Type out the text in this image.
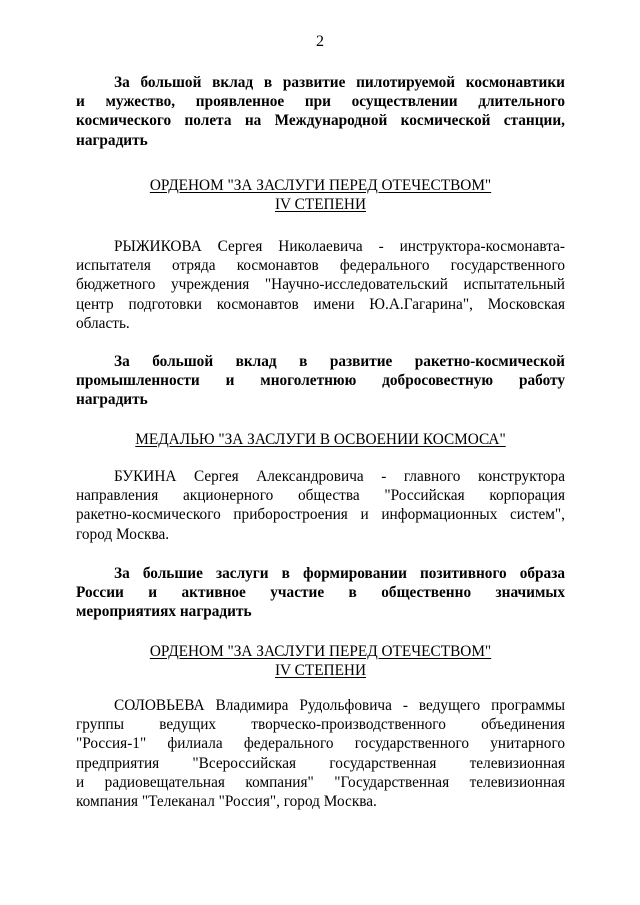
2
За большой вклад в развитие пилотируемой космонавтики
и мужество, проявленное при осуществлении длительного
космического полета на Международной космической станции,
наградить
ОРДЕНОМ "ЗА ЗАСЛУГИ ПЕРЕД ОТЕЧЕСТВОМ"
IV СТЕПЕНИ
РЫЖИКОВА Сергея Николаевича - инструктора-космонавта-
испытателя отряда космонавтов федерального государственного
бюджетного учреждения "Научно-исследовательский испытательный
центр подготовки космонавтов имени Ю.А.Гагарина", Московская
область.
За большой вклад в развитие ракетно-космической
промышленности и многолетнюю добросовестную работу
наградить
МЕДАЛЬЮ "ЗА ЗАСЛУГИ В ОСВОЕНИИ КОСМОСА"
БУКИНА Сергея Александровича - главного конструктора
направления акционерного общества "Российская корпорация
ракетно-космического приборостроения и информационных систем",
город Москва.
За большие заслуги в формировании позитивного образа
России и активное участие в общественно значимых
мероприятиях наградить
ОРДЕНОМ "ЗА ЗАСЛУГИ ПЕРЕД ОТЕЧЕСТВОМ"
IV СТЕПЕНИ
СОЛОВЬЕВА Владимира Рудольфовича - ведущего программы
группы ведущих творческо-производственного объединения
"Россия-1" филиала федерального государственного унитарного
предприятия "Всероссийская государственная телевизионная
и радиовещательная компания" "Государственная телевизионная
компания "Телеканал "Россия", город Москва.
